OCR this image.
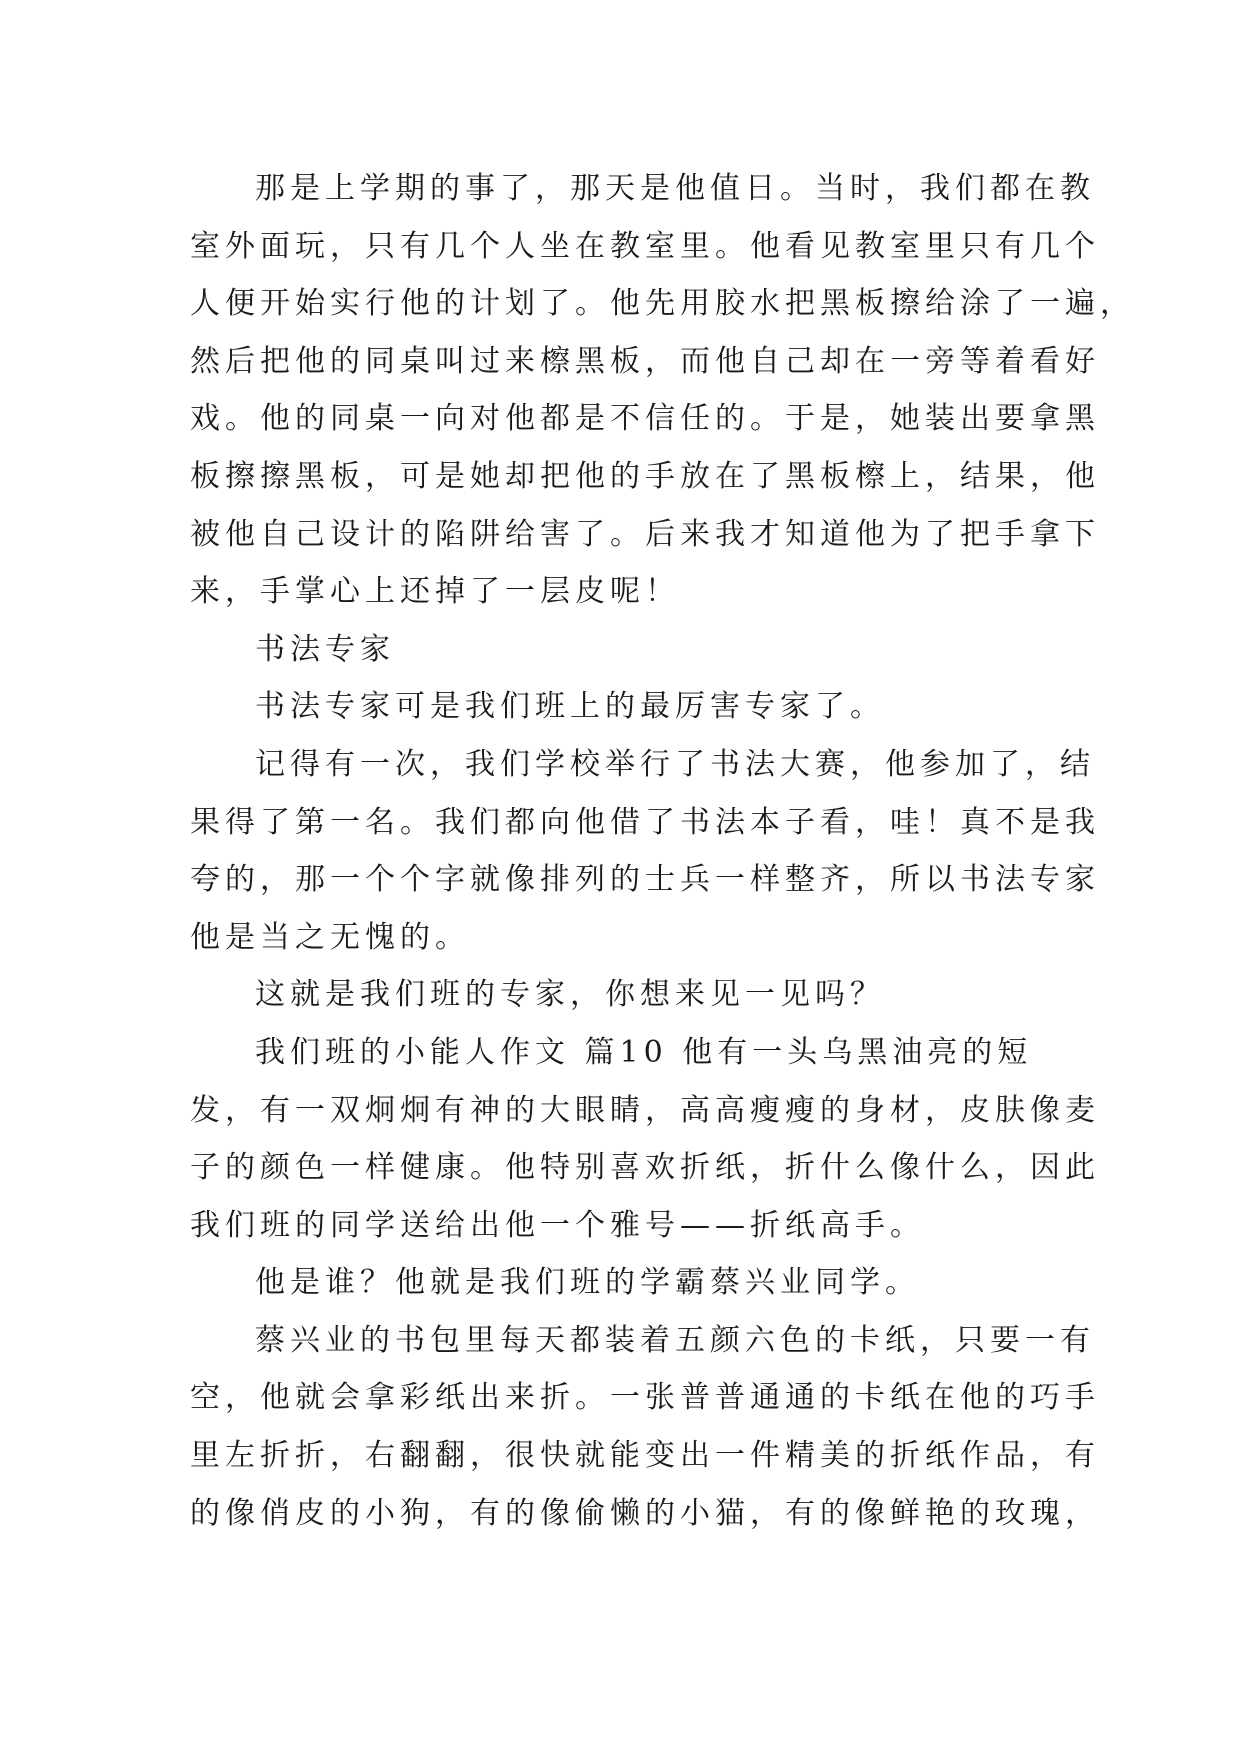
那是上学期的事了，那天是他值日。当时，我们都在教
室外面玩，只有几个人坐在教室里。他看见教室里只有几个
人便开始实行他的计划了。他先用胶水把黑板擦给涂了一遍，
然后把他的同桌叫过来檫黑板，而他自己却在一旁等着看好
戏。他的同桌一向对他都是不信任的。于是，她装出要拿黑
板擦擦黑板，可是她却把他的手放在了黑板檫上，结果，他
被他自己设计的陷阱给害了。后来我才知道他为了把手拿下
来，手掌心上还掉了一层皮呢！
书法专家
书法专家可是我们班上的最厉害专家了。
记得有一次，我们学校举行了书法大赛，他参加了，结
果得了第一名。我们都向他借了书法本子看，哇！真不是我
夸的，那一个个字就像排列的士兵一样整齐，所以书法专家
他是当之无愧的。
这就是我们班的专家，你想来见一见吗？
我们班的小能人作文 篇10 他有一头乌黑油亮的短
发，有一双炯炯有神的大眼睛，高高瘦瘦的身材，皮肤像麦
子的颜色一样健康。他特别喜欢折纸，折什么像什么，因此
我们班的同学送给出他一个雅号——折纸高手。
他是谁？他就是我们班的学霸蔡兴业同学。
蔡兴业的书包里每天都装着五颜六色的卡纸，只要一有
空，他就会拿彩纸出来折。一张普普通通的卡纸在他的巧手
里左折折，右翻翻，很快就能变出一件精美的折纸作品，有
的像俏皮的小狗，有的像偷懒的小猫，有的像鲜艳的玫瑰，
